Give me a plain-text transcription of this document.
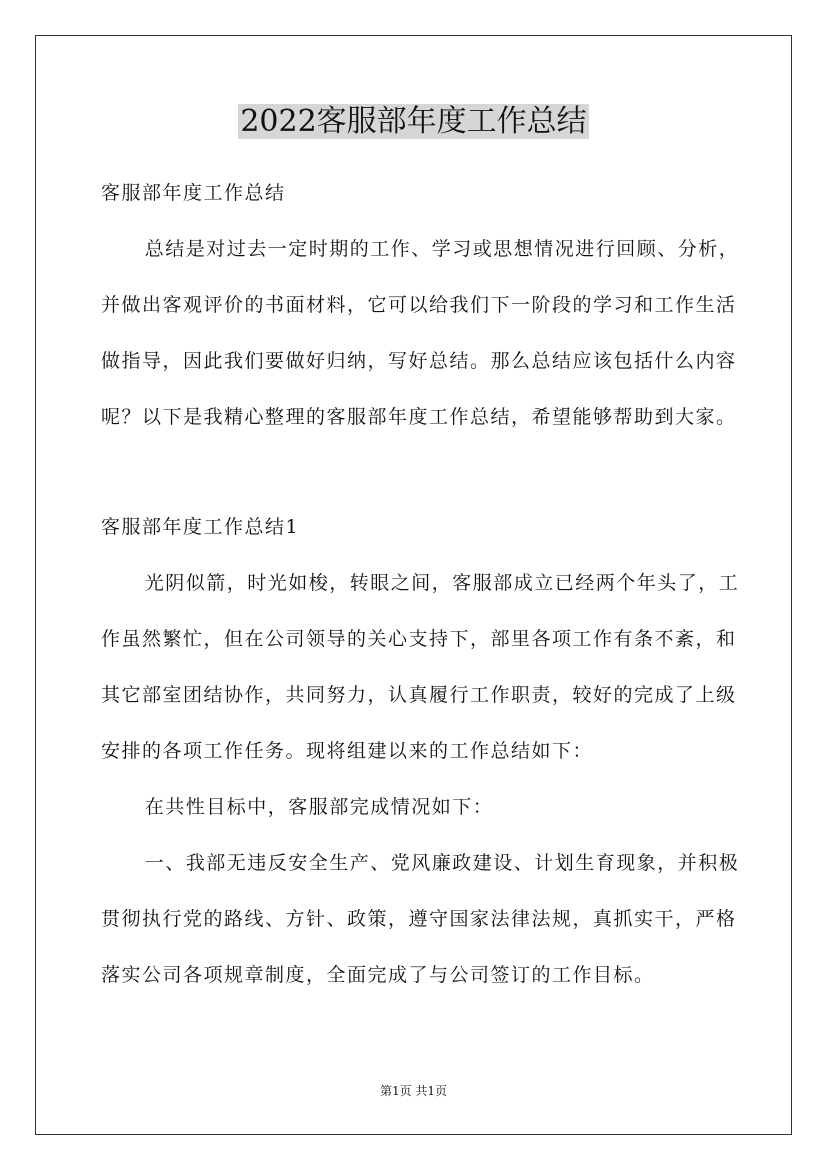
2022客服部年度工作总结

客服部年度工作总结

总结是对过去一定时期的工作、学习或思想情况进行回顾、分析，并做出客观评价的书面材料，它可以给我们下一阶段的学习和工作生活做指导，因此我们要做好归纳，写好总结。那么总结应该包括什么内容呢？以下是我精心整理的客服部年度工作总结，希望能够帮助到大家。

客服部年度工作总结1

光阴似箭，时光如梭，转眼之间，客服部成立已经两个年头了，工作虽然繁忙，但在公司领导的关心支持下，部里各项工作有条不紊，和其它部室团结协作，共同努力，认真履行工作职责，较好的完成了上级安排的各项工作任务。现将组建以来的工作总结如下：

在共性目标中，客服部完成情况如下：

一、我部无违反安全生产、党风廉政建设、计划生育现象，并积极贯彻执行党的路线、方针、政策，遵守国家法律法规，真抓实干，严格落实公司各项规章制度，全面完成了与公司签订的工作目标。

第1页 共1页
